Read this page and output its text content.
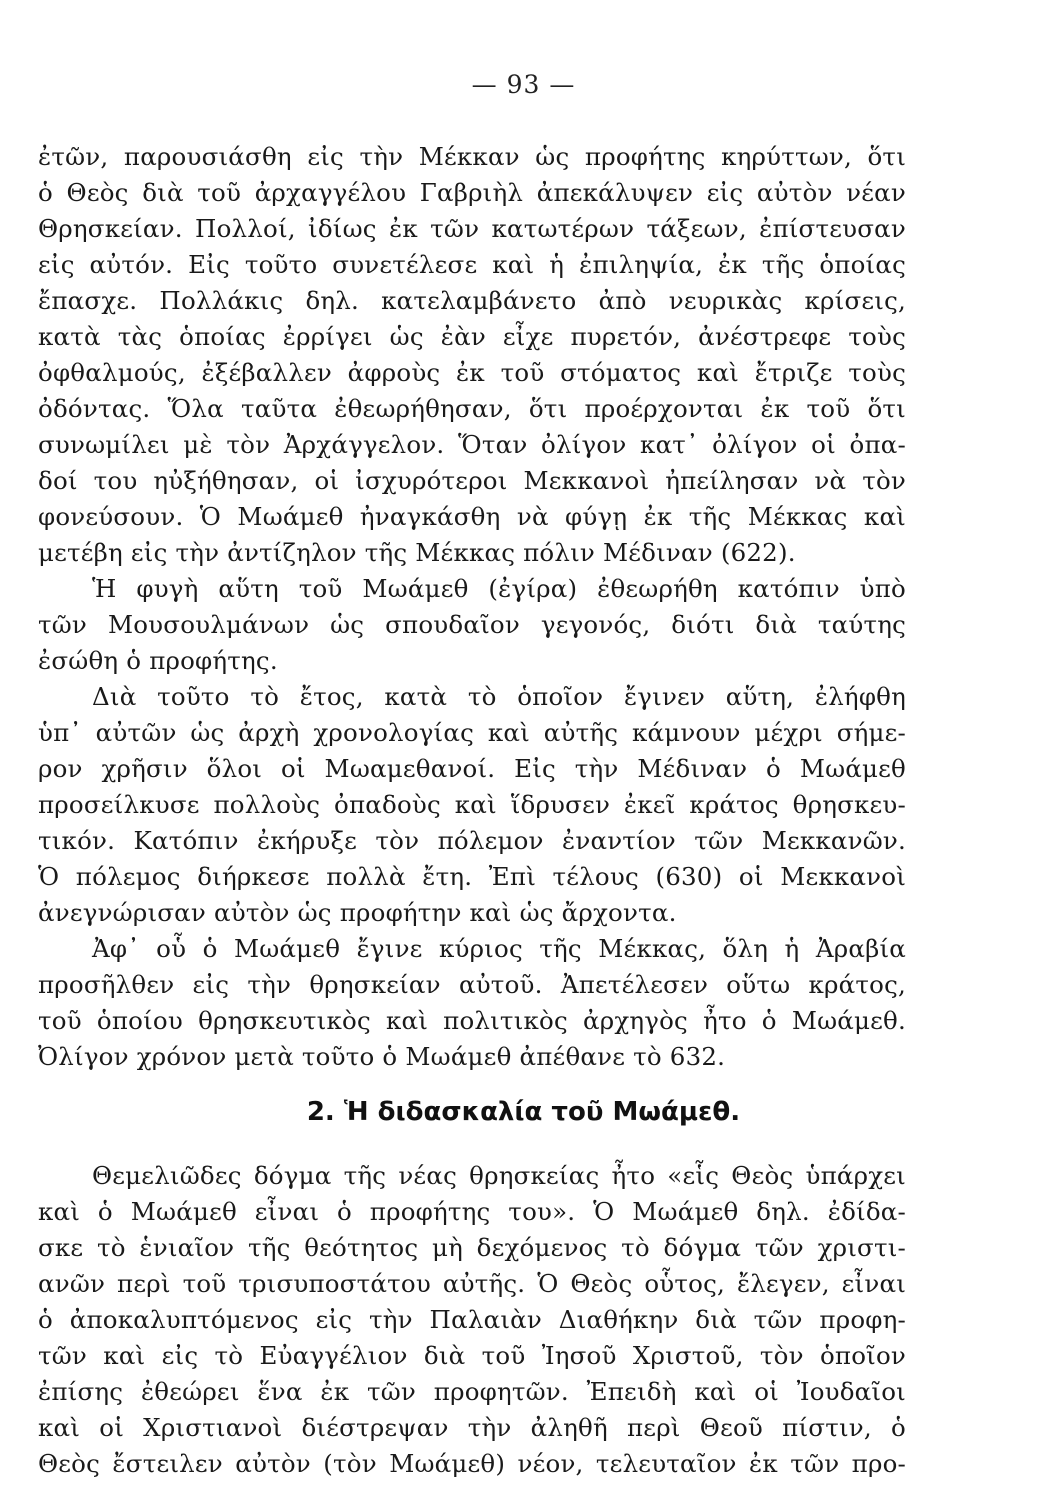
— 93 —
ἐτῶν, παρουσιάσθη εἰς τὴν Μέκκαν ὡς προφήτης κηρύττων, ὅτι
ὁ Θεὸς διὰ τοῦ ἀρχαγγέλου Γαβριὴλ ἀπεκάλυψεν εἰς αὐτὸν νέαν
Θρησκείαν. Πολλοί, ἰδίως ἐκ τῶν κατωτέρων τάξεων, ἐπίστευσαν
εἰς αὐτόν. Εἰς τοῦτο συνετέλεσε καὶ ἡ ἐπιληψία, ἐκ τῆς ὁποίας
ἔπασχε. Πολλάκις δηλ. κατελαμβάνετο ἀπὸ νευρικὰς κρίσεις,
κατὰ τὰς ὁποίας ἐρρίγει ὡς ἐὰν εἶχε πυρετόν, ἀνέστρεφε τοὺς
ὀφθαλμούς, ἐξέβαλλεν ἀφροὺς ἐκ τοῦ στόματος καὶ ἔτριζε τοὺς
ὀδόντας. Ὅλα ταῦτα ἐθεωρήθησαν, ὅτι προέρχονται ἐκ τοῦ ὅτι
συνωμίλει μὲ τὸν Ἀρχάγγελον. Ὅταν ὀλίγον κατ᾽ ὀλίγον οἱ ὀπα-
δοί του ηὐξήθησαν, οἱ ἰσχυρότεροι Μεκκανοὶ ἠπείλησαν νὰ τὸν
φονεύσουν. Ὁ Μωάμεθ ἠναγκάσθη νὰ φύγῃ ἐκ τῆς Μέκκας καὶ
μετέβη εἰς τὴν ἀντίζηλον τῆς Μέκκας πόλιν Μέδιναν (622).
Ἡ φυγὴ αὕτη τοῦ Μωάμεθ (ἐγίρα) ἐθεωρήθη κατόπιν ὑπὸ
τῶν Μουσουλμάνων ὡς σπουδαῖον γεγονός, διότι διὰ ταύτης
ἐσώθη ὁ προφήτης.
Διὰ τοῦτο τὸ ἔτος, κατὰ τὸ ὁποῖον ἔγινεν αὕτη, ἐλήφθη
ὑπ᾽ αὐτῶν ὡς ἀρχὴ χρονολογίας καὶ αὐτῆς κάμνουν μέχρι σήμε-
ρον χρῆσιν ὅλοι οἱ Μωαμεθανοί. Εἰς τὴν Μέδιναν ὁ Μωάμεθ
προσείλκυσε πολλοὺς ὀπαδοὺς καὶ ἵδρυσεν ἐκεῖ κράτος θρησκευ-
τικόν. Κατόπιν ἐκήρυξε τὸν πόλεμον ἐναντίον τῶν Μεκκανῶν.
Ὁ πόλεμος διήρκεσε πολλὰ ἔτη. Ἐπὶ τέλους (630) οἱ Μεκκανοὶ
ἀνεγνώρισαν αὐτὸν ὡς προφήτην καὶ ὡς ἄρχοντα.
Ἀφ᾽ οὗ ὁ Μωάμεθ ἔγινε κύριος τῆς Μέκκας, ὅλη ἡ Ἀραβία
προσῆλθεν εἰς τὴν θρησκείαν αὐτοῦ. Ἀπετέλεσεν οὕτω κράτος,
τοῦ ὁποίου θρησκευτικὸς καὶ πολιτικὸς ἀρχηγὸς ἦτο ὁ Μωάμεθ.
Ὀλίγον χρόνον μετὰ τοῦτο ὁ Μωάμεθ ἀπέθανε τὸ 632.
2. Ἡ διδασκαλία τοῦ Μωάμεθ.
Θεμελιῶδες δόγμα τῆς νέας θρησκείας ἦτο «εἷς Θεὸς ὑπάρχει
καὶ ὁ Μωάμεθ εἶναι ὁ προφήτης του». Ὁ Μωάμεθ δηλ. ἐδίδα-
σκε τὸ ἑνιαῖον τῆς θεότητος μὴ δεχόμενος τὸ δόγμα τῶν χριστι-
ανῶν περὶ τοῦ τρισυποστάτου αὐτῆς. Ὁ Θεὸς οὗτος, ἔλεγεν, εἶναι
ὁ ἀποκαλυπτόμενος εἰς τὴν Παλαιὰν Διαθήκην διὰ τῶν προφη-
τῶν καὶ εἰς τὸ Εὐαγγέλιον διὰ τοῦ Ἰησοῦ Χριστοῦ, τὸν ὁποῖον
ἐπίσης ἐθεώρει ἕνα ἐκ τῶν προφητῶν. Ἐπειδὴ καὶ οἱ Ἰουδαῖοι
καὶ οἱ Χριστιανοὶ διέστρεψαν τὴν ἀληθῆ περὶ Θεοῦ πίστιν, ὁ
Θεὸς ἔστειλεν αὐτὸν (τὸν Μωάμεθ) νέον, τελευταῖον ἐκ τῶν προ-
